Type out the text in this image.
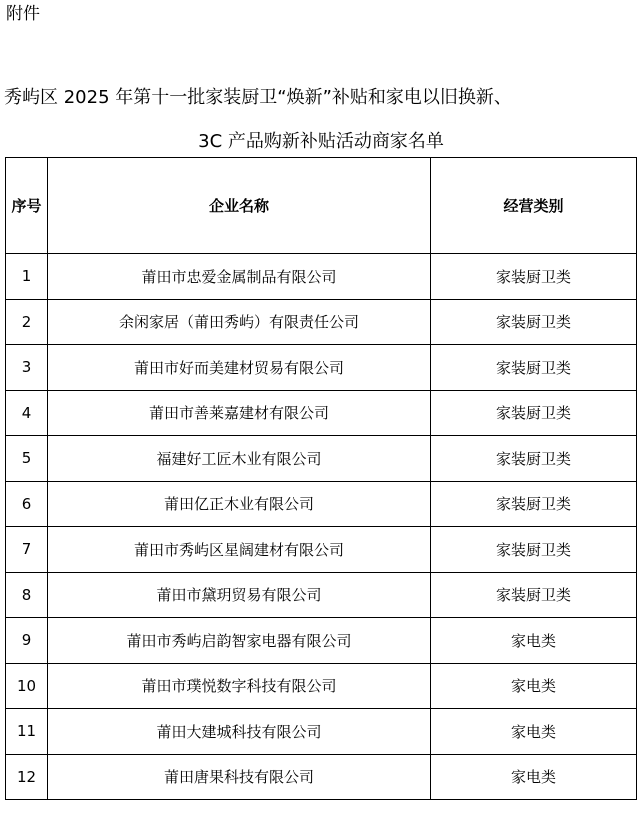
附件
秀屿区 2025 年第十一批家装厨卫“焕新”补贴和家电以旧换新、
3C 产品购新补贴活动商家名单
序号	企业名称	经营类别
1	莆田市忠爱金属制品有限公司	家装厨卫类
2	余闲家居（莆田秀屿）有限责任公司	家装厨卫类
3	莆田市好而美建材贸易有限公司	家装厨卫类
4	莆田市善莱嘉建材有限公司	家装厨卫类
5	福建好工匠木业有限公司	家装厨卫类
6	莆田亿正木业有限公司	家装厨卫类
7	莆田市秀屿区星阔建材有限公司	家装厨卫类
8	莆田市黛玥贸易有限公司	家装厨卫类
9	莆田市秀屿启韵智家电器有限公司	家电类
10	莆田市璞悦数字科技有限公司	家电类
11	莆田大建城科技有限公司	家电类
12	莆田唐果科技有限公司	家电类
